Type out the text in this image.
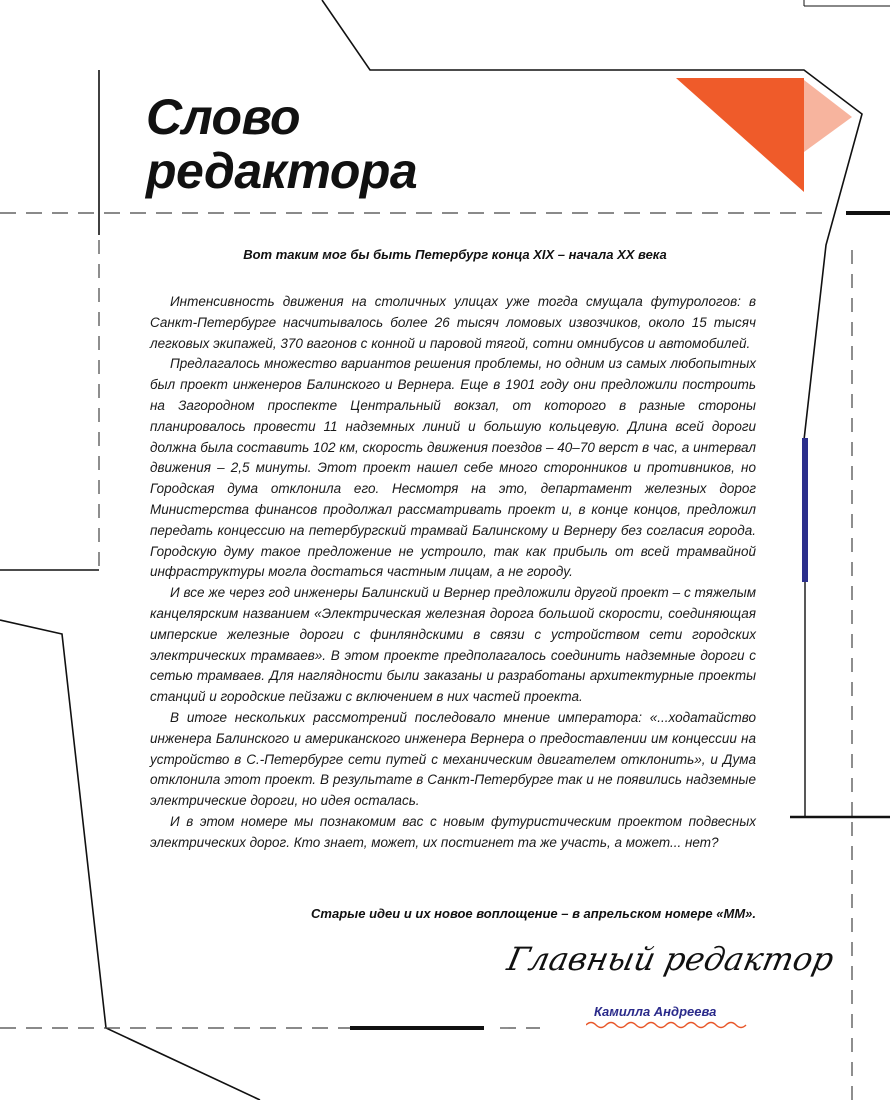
Слово
редактора

Вот таким мог бы быть Петербург конца XIX – начала XX века

Интенсивность движения на столичных улицах уже тогда смущала футурологов: в Санкт-Петербурге насчитывалось более 26 тысяч ломовых извозчиков, около 15 тысяч легковых экипажей, 370 вагонов с конной и паровой тягой, сотни омнибусов и автомобилей.

Предлагалось множество вариантов решения проблемы, но одним из самых любопытных был проект инженеров Балинского и Вернера. Еще в 1901 году они предложили построить на Загородном проспекте Центральный вокзал, от которого в разные стороны планировалось провести 11 надземных линий и большую кольцевую. Длина всей дороги должна была составить 102 км, скорость движения поездов – 40–70 верст в час, а интервал движения – 2,5 минуты. Этот проект нашел себе много сторонников и противников, но Городская дума отклонила его. Несмотря на это, департамент железных дорог Министерства финансов продолжал рассматривать проект и, в конце концов, предложил передать концессию на петербургский трамвай Балинскому и Вернеру без согласия города. Городскую думу такое предложение не устроило, так как прибыль от всей трамвайной инфраструктуры могла достаться частным лицам, а не городу.

И все же через год инженеры Балинский и Вернер предложили другой проект – с тяжелым канцелярским названием «Электрическая железная дорога большой скорости, соединяющая имперские железные дороги с финляндскими в связи с устройством сети городских электрических трамваев». В этом проекте предполагалось соединить надземные дороги с сетью трамваев. Для наглядности были заказаны и разработаны архитектурные проекты станций и городские пейзажи с включением в них частей проекта.

В итоге нескольких рассмотрений последовало мнение императора: «...ходатайство инженера Балинского и американского инженера Вернера о предоставлении им концессии на устройство в С.-Петербурге сети путей с механическим двигателем отклонить», и Дума отклонила этот проект. В результате в Санкт-Петербурге так и не появились надземные электрические дороги, но идея осталась.

И в этом номере мы познакомим вас с новым футуристическим проектом подвесных электрических дорог. Кто знает, может, их постигнет та же участь, а может... нет?

Старые идеи и их новое воплощение – в апрельском номере «ММ».

Главный редактор
Камилла Андреева
